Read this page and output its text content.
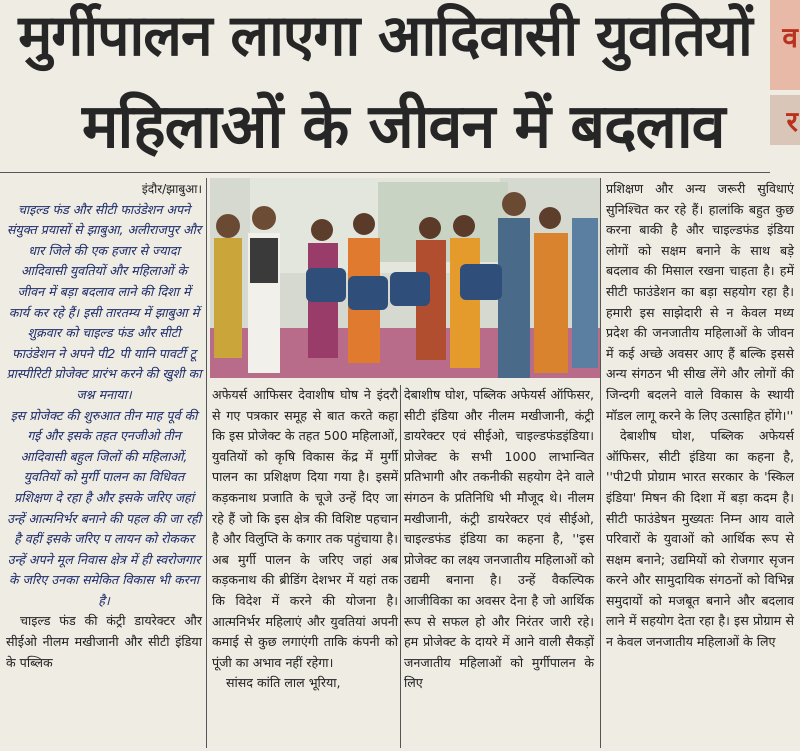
मुर्गीपालन लाएगा आदिवासी युवतियों
महिलाओं के जीवन में बदलाव
व
र

इंदौर/झाबुआ।

चाइल्ड फंड और सीटी फाउंडेशन अपने संयुक्त प्रयासों से झाबुआ, अलीराजपुर और धार जिले की एक हजार से ज्यादा आदिवासी युवतियों और महिलाओं के जीवन में बड़ा बदलाव लाने की दिशा में कार्य कर रहे हैं। इसी तारतम्य में झाबुआ में शुक्रवार को चाइल्ड फंड और सीटी फाउंडेशन ने अपने पी2 पी यानि पावर्टी टू प्रास्पीरिटी प्रोजेक्ट प्रारंभ करने की खुशी का जश्न मनाया।

इस प्रोजेक्ट की शुरुआत तीन माह पूर्व की गई और इसके तहत एनजीओ तीन आदिवासी बहुल जिलों की महिलाओं, युवतियों को मुर्गी पालन का विधिवत प्रशिक्षण दे रहा है और इसके जरिए जहां उन्हें आत्मनिर्भर बनाने की पहल की जा रही है वहीं इसके जरिए प लायन को रोककर उन्हें अपने मूल निवास क्षेत्र में ही स्वरोजगार के जरिए उनका समेकित विकास भी करना है।

चाइल्ड फंड की कंट्री डायरेक्टर और सीईओ नीलम मखीजानी और सीटी इंडिया के पब्लिक

अफेयर्स आफिसर देवाशीष घोष ने इंदरौ से गए पत्रकार समूह से बात करते कहा कि इस प्रोजेक्ट के तहत 500 महिलाओं, युवतियों को कृषि विकास केंद्र में मुर्गी पालन का प्रशिक्षण दिया गया है। इसमें कड़कनाथ प्रजाति के चूजे उन्हें दिए जा रहे हैं जो कि इस क्षेत्र की विशिष्ट पहचान है और विलुप्ति के कगार तक पहुंचाया है। अब मुर्गी पालन के जरिए जहां अब कड़कनाथ की ब्रीडिंग देशभर में यहां तक कि विदेश में करने की योजना है। आत्मनिर्भर महिलाएं और युवतियां अपनी कमाई से कुछ लगाएंगी ताकि कंपनी को पूंजी का अभाव नहीं रहेगा।

सांसद कांति लाल भूरिया,

देबाशीष घोश, पब्लिक अफेयर्स ऑफिसर, सीटी इंडिया और नीलम मखीजानी, कंट्री डायरेक्टर एवं सीईओ, चाइल्डफंडइंडिया। प्रोजेक्ट के सभी 1000 लाभान्वित प्रतिभागी और तकनीकी सहयोग देने वाले संगठन के प्रतिनिधि भी मौजूद थे। नीलम मखीजानी, कंट्री डायरेक्टर एवं सीईओ, चाइल्डफंड इंडिया का कहना है, ''इस प्रोजेक्ट का लक्ष्य जनजातीय महिलाओं को उद्यमी बनाना है। उन्हें वैकल्पिक आजीविका का अवसर देना है जो आर्थिक रूप से सफल हो और निरंतर जारी रहे। हम प्रोजेक्ट के दायरे में आने वाली सैकड़ों जनजातीय महिलाओं को मुर्गीपालन के लिए

प्रशिक्षण और अन्य जरूरी सुविधाएं सुनिश्चित कर रहे हैं। हालांकि बहुत कुछ करना बाकी है और चाइल्डफंड इंडिया लोगों को सक्षम बनाने के साथ बड़े बदलाव की मिसाल रखना चाहता है। हमें सीटी फाउंडेशन का बड़ा सहयोग रहा है। हमारी इस साझेदारी से न केवल मध्य प्रदेश की जनजातीय महिलाओं के जीवन में कई अच्छे अवसर आए हैं बल्कि इससे अन्य संगठन भी सीख लेंगे और लोगों की जिन्दगी बदलने वाले विकास के स्थायी मॉडल लागू करने के लिए उत्साहित होंगे।''

देबाशीष घोश, पब्लिक अफेयर्स ऑफिसर, सीटी इंडिया का कहना है, ''पी2पी प्रोग्राम भारत सरकार के 'स्किल इंडिया' मिषन की दिशा में बड़ा कदम है। सीटी फाउंडेषन मुख्यतः निम्न आय वाले परिवारों के युवाओं को आर्थिक रूप से सक्षम बनाने; उद्यमियों को रोजगार सृजन करने और सामुदायिक संगठनों को विभिन्न समुदायों को मजबूत बनाने और बदलाव लाने में सहयोग देता रहा है। इस प्रोग्राम से न केवल जनजातीय महिलाओं के लिए
